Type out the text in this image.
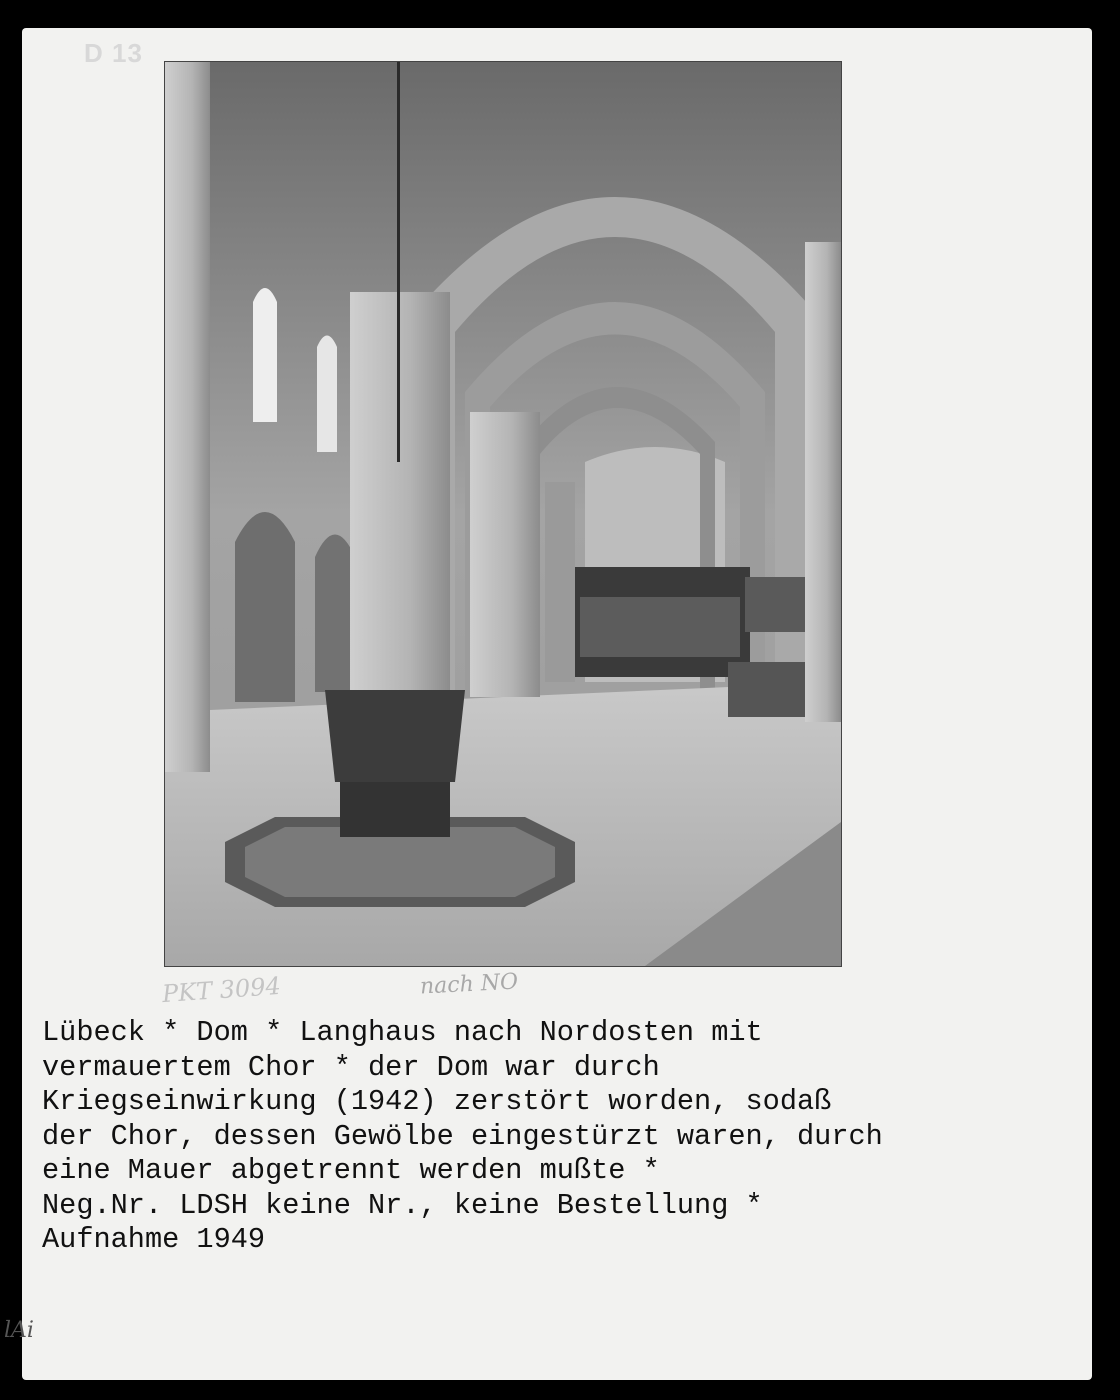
D 13
PKT 3094	nach NO
Lübeck * Dom * Langhaus nach Nordosten mit
vermauertem Chor * der Dom war durch
Kriegseinwirkung (1942) zerstört worden, sodaß
der Chor, dessen Gewölbe eingestürzt waren, durch
eine Mauer abgetrennt werden mußte *
Neg.Nr. LDSH keine Nr., keine Bestellung *
Aufnahme 1949
lAi
